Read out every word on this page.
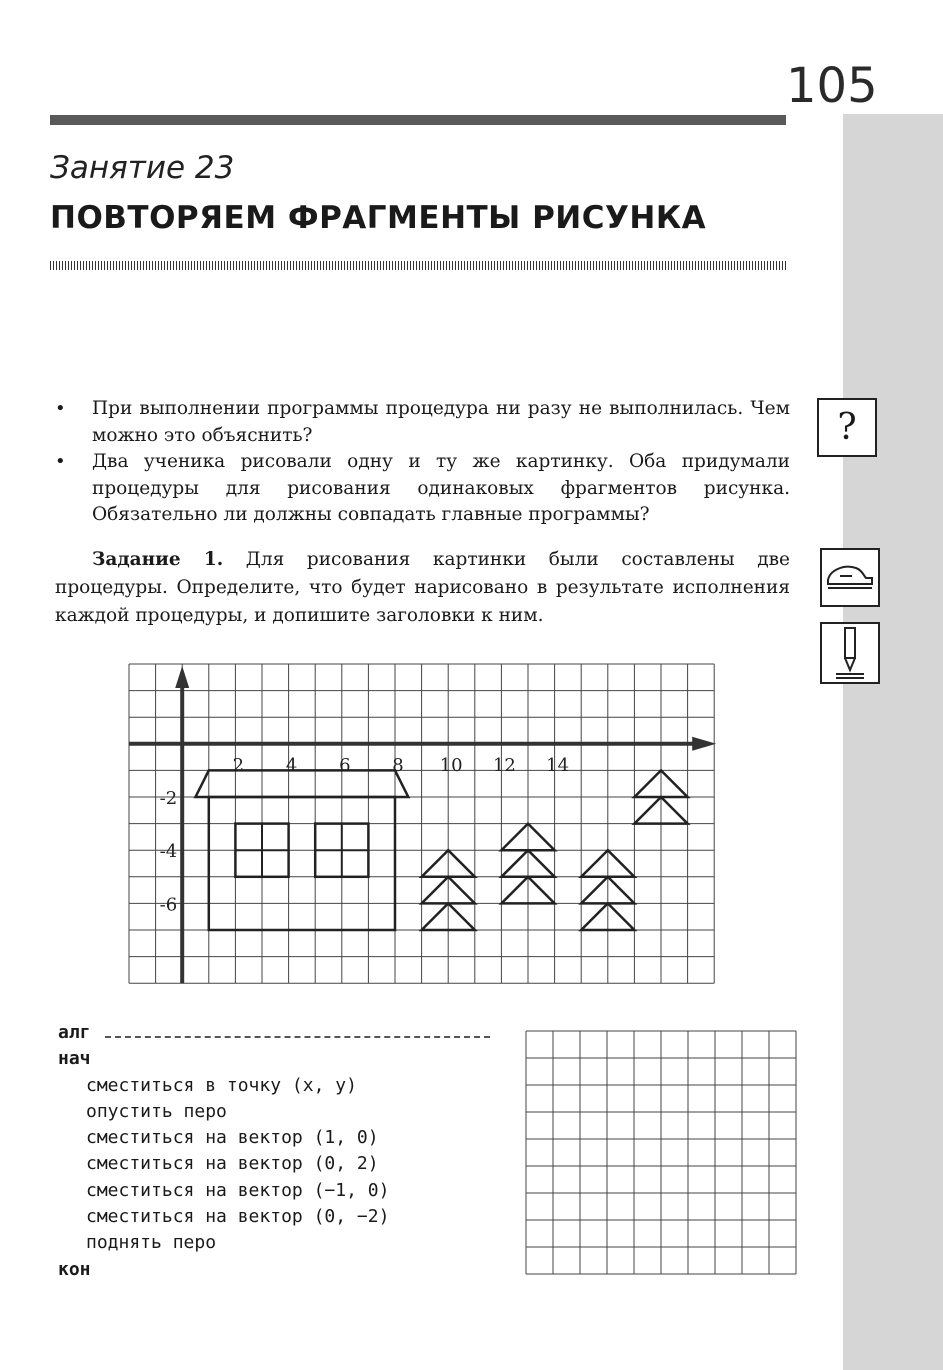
105
Занятие 23
ПОВТОРЯЕМ ФРАГМЕНТЫ РИСУНКА
• При выполнении программы процедура ни разу не выполнилась. Чем можно это объяснить?
• Два ученика рисовали одну и ту же картинку. Оба придумали процедуры для рисования одинаковых фрагментов рисунка. Обязательно ли должны совпадать главные программы?
?
Задание 1. Для рисования картинки были составлены две процедуры. Определите, что будет нарисовано в результате исполнения каждой процедуры, и допишите заголовки к ним.
2 4 6 8 10 12 14
-2
-4
-6
алг
нач
сместиться в точку (x, y)
опустить перо
сместиться на вектор (1, 0)
сместиться на вектор (0, 2)
сместиться на вектор (−1, 0)
сместиться на вектор (0, −2)
поднять перо
кон
